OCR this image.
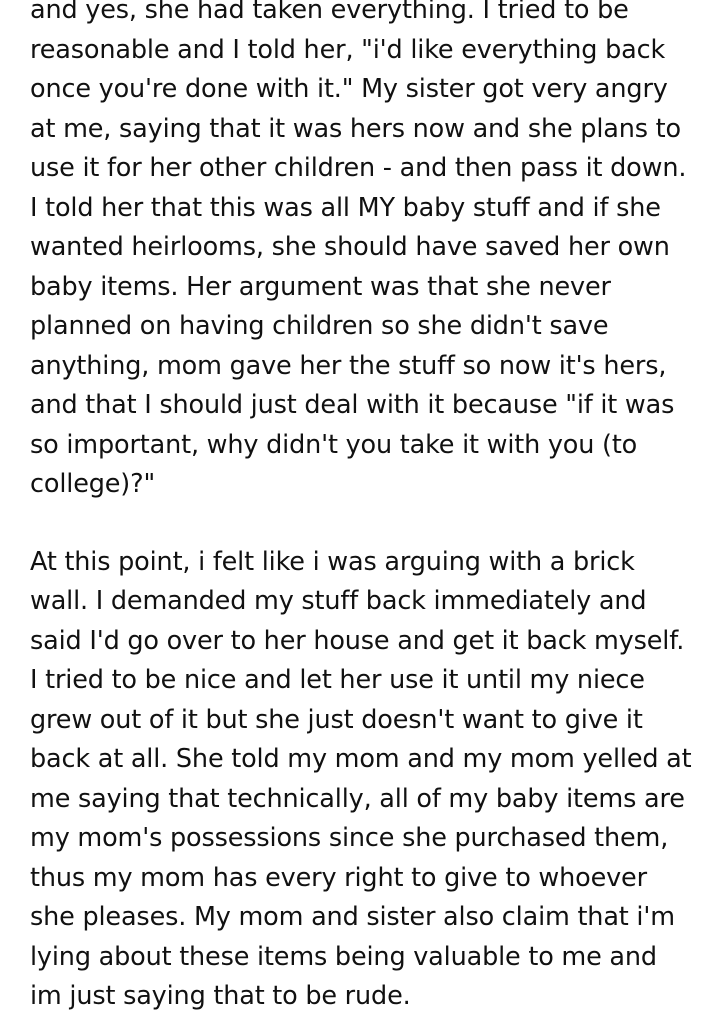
and yes, she had taken everything. I tried to be reasonable and I told her, "i'd like everything back once you're done with it." My sister got very angry at me, saying that it was hers now and she plans to use it for her other children - and then pass it down. I told her that this was all MY baby stuff and if she wanted heirlooms, she should have saved her own baby items. Her argument was that she never planned on having children so she didn't save anything, mom gave her the stuff so now it's hers, and that I should just deal with it because "if it was so important, why didn't you take it with you (to college)?"

At this point, i felt like i was arguing with a brick wall. I demanded my stuff back immediately and said I'd go over to her house and get it back myself. I tried to be nice and let her use it until my niece grew out of it but she just doesn't want to give it back at all. She told my mom and my mom yelled at me saying that technically, all of my baby items are my mom's possessions since she purchased them, thus my mom has every right to give to whoever she pleases. My mom and sister also claim that i'm lying about these items being valuable to me and im just saying that to be rude.
